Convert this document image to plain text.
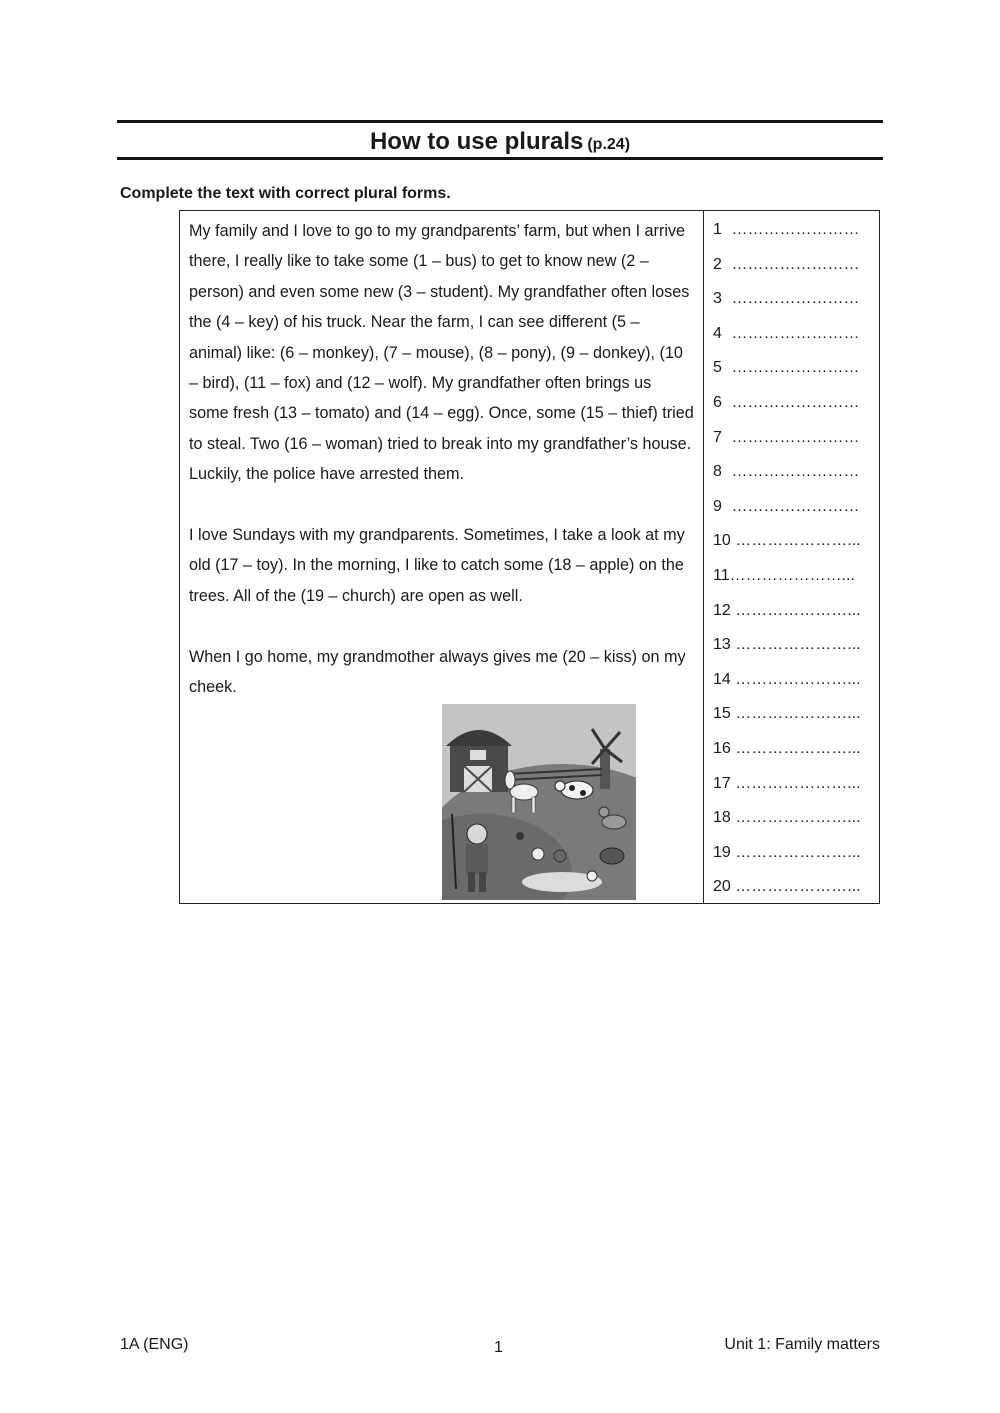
How to use plurals (p.24)
Complete the text with correct plural forms.

My family and I love to go to my grandparents’ farm, but when I arrive there, I really like to take some (1 – bus) to get to know new (2 – person) and even some new (3 – student). My grandfather often loses the (4 – key) of his truck. Near the farm, I can see different (5 – animal) like: (6 – monkey), (7 – mouse), (8 – pony), (9 – donkey), (10 – bird), (11 – fox) and (12 – wolf). My grandfather often brings us some fresh (13 – tomato) and (14 – egg). Once, some (15 – thief) tried to steal. Two (16 – woman) tried to break into my grandfather’s house. Luckily, the police have arrested them.

I love Sundays with my grandparents. Sometimes, I take a look at my old (17 – toy). In the morning, I like to catch some (18 – apple) on the trees. All of the (19 – church) are open as well.

When I go home, my grandmother always gives me (20 – kiss) on my cheek.

1 ……………………
2 ……………………
3 ……………………
4 ……………………
5 ……………………
6 ……………………
7 ……………………
8 ……………………
9 ……………………
10 …………………...
11…………………...
12 …………………...
13 …………………...
14 …………………...
15 …………………...
16 …………………...
17 …………………...
18 …………………...
19 …………………...
20 …………………...
1A (ENG)	1	Unit 1: Family matters
